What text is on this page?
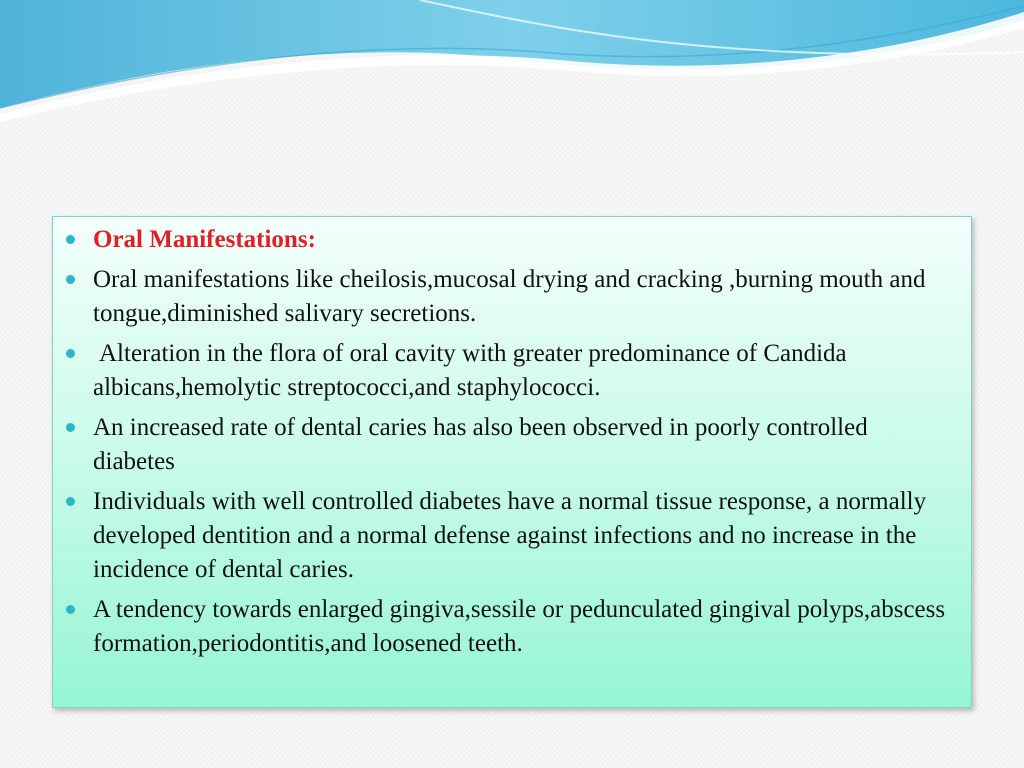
Oral Manifestations:
Oral manifestations like cheilosis,mucosal drying and cracking ,burning mouth and tongue,diminished salivary secretions.
Alteration in the flora of oral cavity with greater predominance of Candida albicans,hemolytic streptococci,and staphylococci.
An increased rate of dental caries has also been observed in poorly controlled diabetes
Individuals with well controlled diabetes have a normal tissue response, a normally developed dentition and a normal defense against infections and no increase in the incidence of dental caries.
A tendency towards enlarged gingiva,sessile or pedunculated gingival polyps,abscess formation,periodontitis,and loosened teeth.
